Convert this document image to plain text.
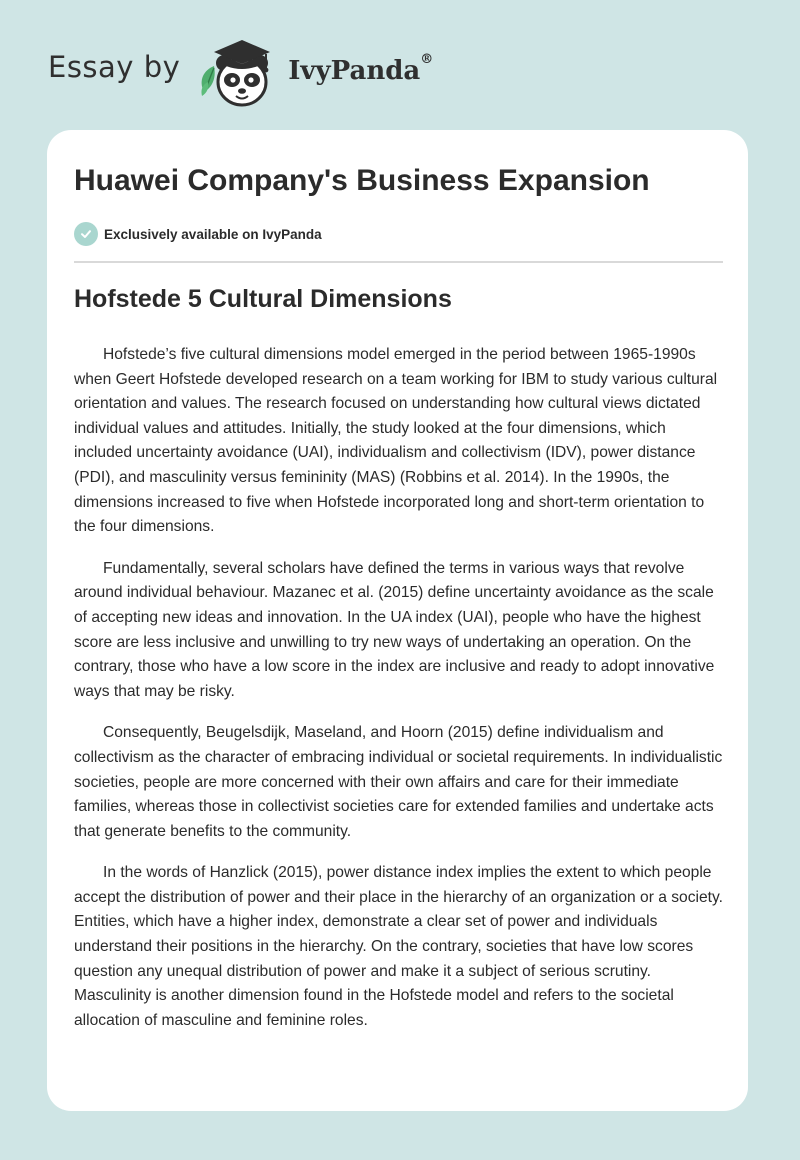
Essay by	IvyPanda®
Huawei Company's Business Expansion
Exclusively available on IvyPanda
Hofstede 5 Cultural Dimensions

Hofstede’s five cultural dimensions model emerged in the period between 1965-1990s when Geert Hofstede developed research on a team working for IBM to study various cultural orientation and values. The research focused on understanding how cultural views dictated individual values and attitudes. Initially, the study looked at the four dimensions, which included uncertainty avoidance (UAI), individualism and collectivism (IDV), power distance (PDI), and masculinity versus femininity (MAS) (Robbins et al. 2014). In the 1990s, the dimensions increased to five when Hofstede incorporated long and short-term orientation to the four dimensions.

Fundamentally, several scholars have defined the terms in various ways that revolve around individual behaviour. Mazanec et al. (2015) define uncertainty avoidance as the scale of accepting new ideas and innovation. In the UA index (UAI), people who have the highest score are less inclusive and unwilling to try new ways of undertaking an operation. On the contrary, those who have a low score in the index are inclusive and ready to adopt innovative ways that may be risky.

Consequently, Beugelsdijk, Maseland, and Hoorn (2015) define individualism and collectivism as the character of embracing individual or societal requirements. In individualistic societies, people are more concerned with their own affairs and care for their immediate families, whereas those in collectivist societies care for extended families and undertake acts that generate benefits to the community.

In the words of Hanzlick (2015), power distance index implies the extent to which people accept the distribution of power and their place in the hierarchy of an organization or a society. Entities, which have a higher index, demonstrate a clear set of power and individuals understand their positions in the hierarchy. On the contrary, societies that have low scores question any unequal distribution of power and make it a subject of serious scrutiny. Masculinity is another dimension found in the Hofstede model and refers to the societal allocation of masculine and feminine roles.
